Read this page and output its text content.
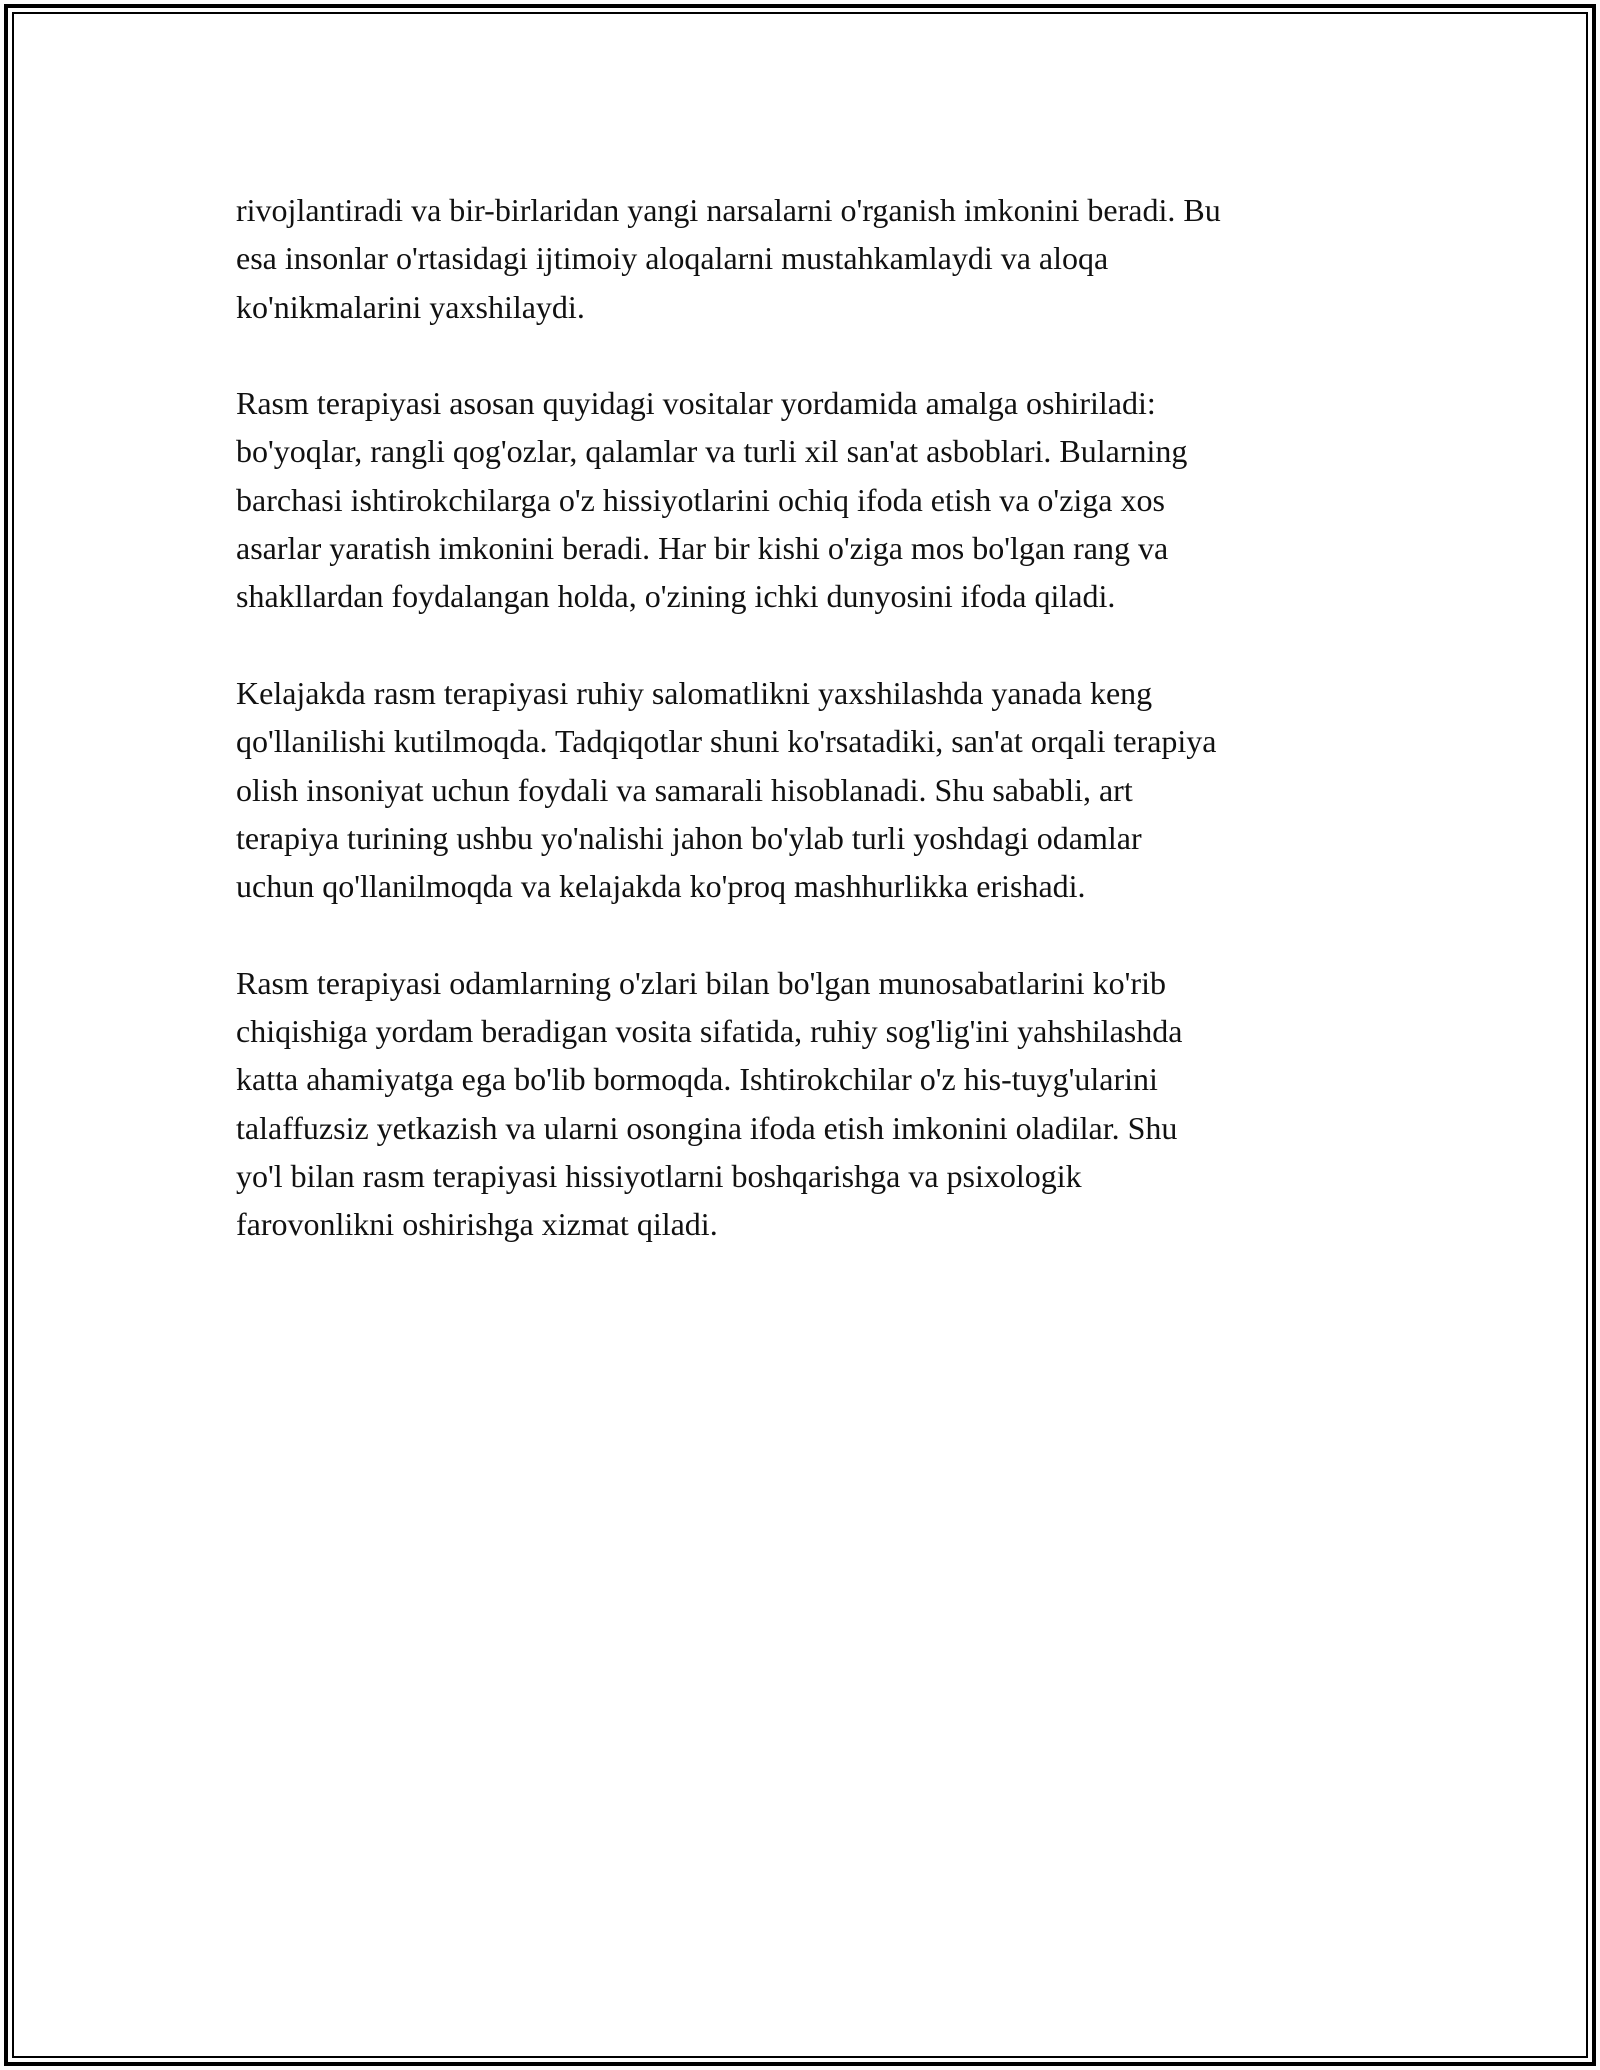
rivojlantiradi va bir-birlaridan yangi narsalarni o'rganish imkonini beradi. Bu
esa insonlar o'rtasidagi ijtimoiy aloqalarni mustahkamlaydi va aloqa
ko'nikmalarini yaxshilaydi.

Rasm terapiyasi asosan quyidagi vositalar yordamida amalga oshiriladi:
bo'yoqlar, rangli qog'ozlar, qalamlar va turli xil san'at asboblari. Bularning
barchasi ishtirokchilarga o'z hissiyotlarini ochiq ifoda etish va o'ziga xos
asarlar yaratish imkonini beradi. Har bir kishi o'ziga mos bo'lgan rang va
shakllardan foydalangan holda, o'zining ichki dunyosini ifoda qiladi.

Kelajakda rasm terapiyasi ruhiy salomatlikni yaxshilashda yanada keng
qo'llanilishi kutilmoqda. Tadqiqotlar shuni ko'rsatadiki, san'at orqali terapiya
olish insoniyat uchun foydali va samarali hisoblanadi. Shu sababli, art
terapiya turining ushbu yo'nalishi jahon bo'ylab turli yoshdagi odamlar
uchun qo'llanilmoqda va kelajakda ko'proq mashhurlikka erishadi.

Rasm terapiyasi odamlarning o'zlari bilan bo'lgan munosabatlarini ko'rib
chiqishiga yordam beradigan vosita sifatida, ruhiy sog'lig'ini yahshilashda
katta ahamiyatga ega bo'lib bormoqda. Ishtirokchilar o'z his-tuyg'ularini
talaffuzsiz yetkazish va ularni osongina ifoda etish imkonini oladilar. Shu
yo'l bilan rasm terapiyasi hissiyotlarni boshqarishga va psixologik
farovonlikni oshirishga xizmat qiladi.
